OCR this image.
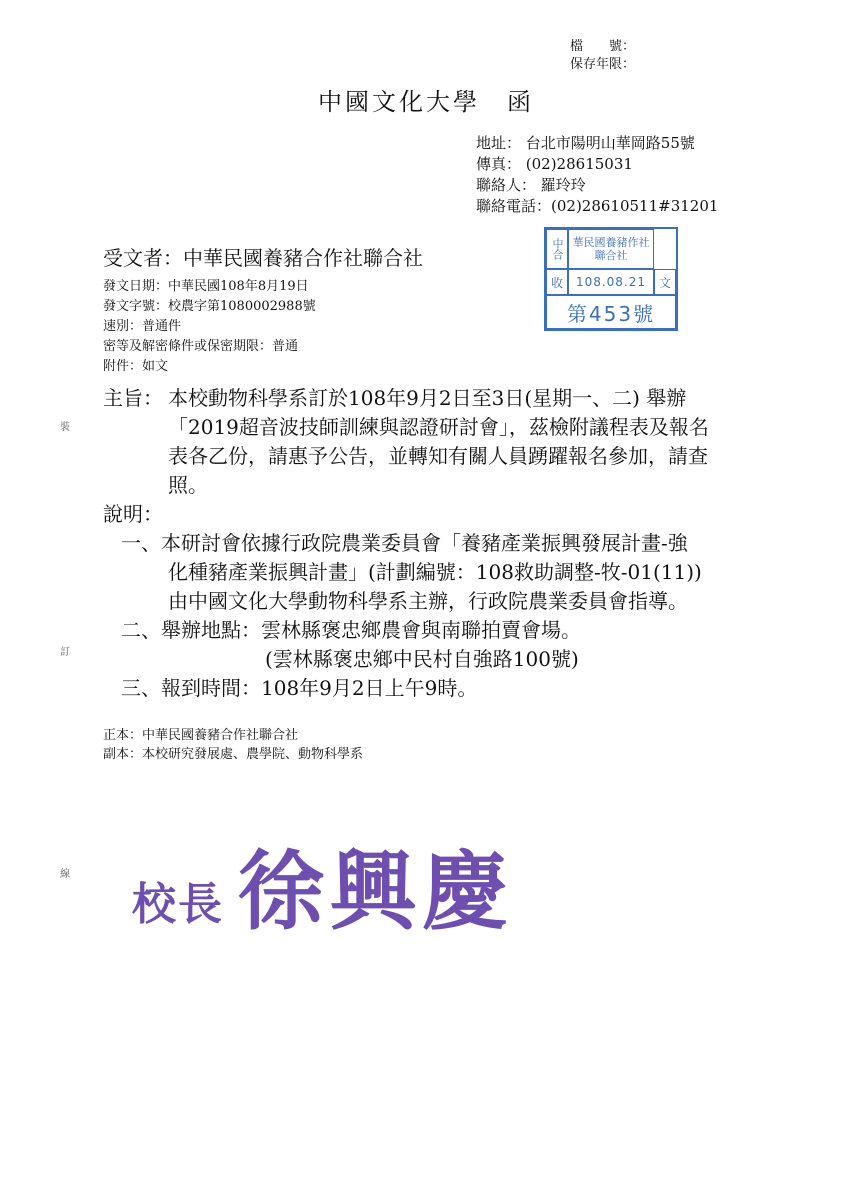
裝
訂
線
檔　　號：
保存年限：
中國文化大學　函
地址： 台北市陽明山華岡路55號
傳真： (02)28615031
聯絡人： 羅玲玲
聯絡電話：(02)28610511#31201
受文者：中華民國養豬合作社聯合社	中合 華民國養豬作社聯合社
收	108.08.21	文
第453號
發文日期：中華民國108年8月19日
發文字號：校農字第1080002988號
速別：普通件
密等及解密條件或保密期限：普通
附件：如文
主旨： 本校動物科學系訂於108年9月2日至3日(星期一、二) 舉辦
「2019超音波技師訓練與認證研討會」，茲檢附議程表及報名
表各乙份，請惠予公告，並轉知有關人員踴躍報名參加，請查
照。
說明：
一、本研討會依據行政院農業委員會「養豬產業振興發展計畫-強
化種豬產業振興計畫」(計劃編號：108救助調整-牧-01(11))
由中國文化大學動物科學系主辦，行政院農業委員會指導。
二、舉辦地點：雲林縣褒忠鄉農會與南聯拍賣會場。
(雲林縣褒忠鄉中民村自強路100號)
三、報到時間：108年9月2日上午9時。
正本：中華民國養豬合作社聯合社
副本：本校研究發展處、農學院、動物科學系
校長 徐興慶
